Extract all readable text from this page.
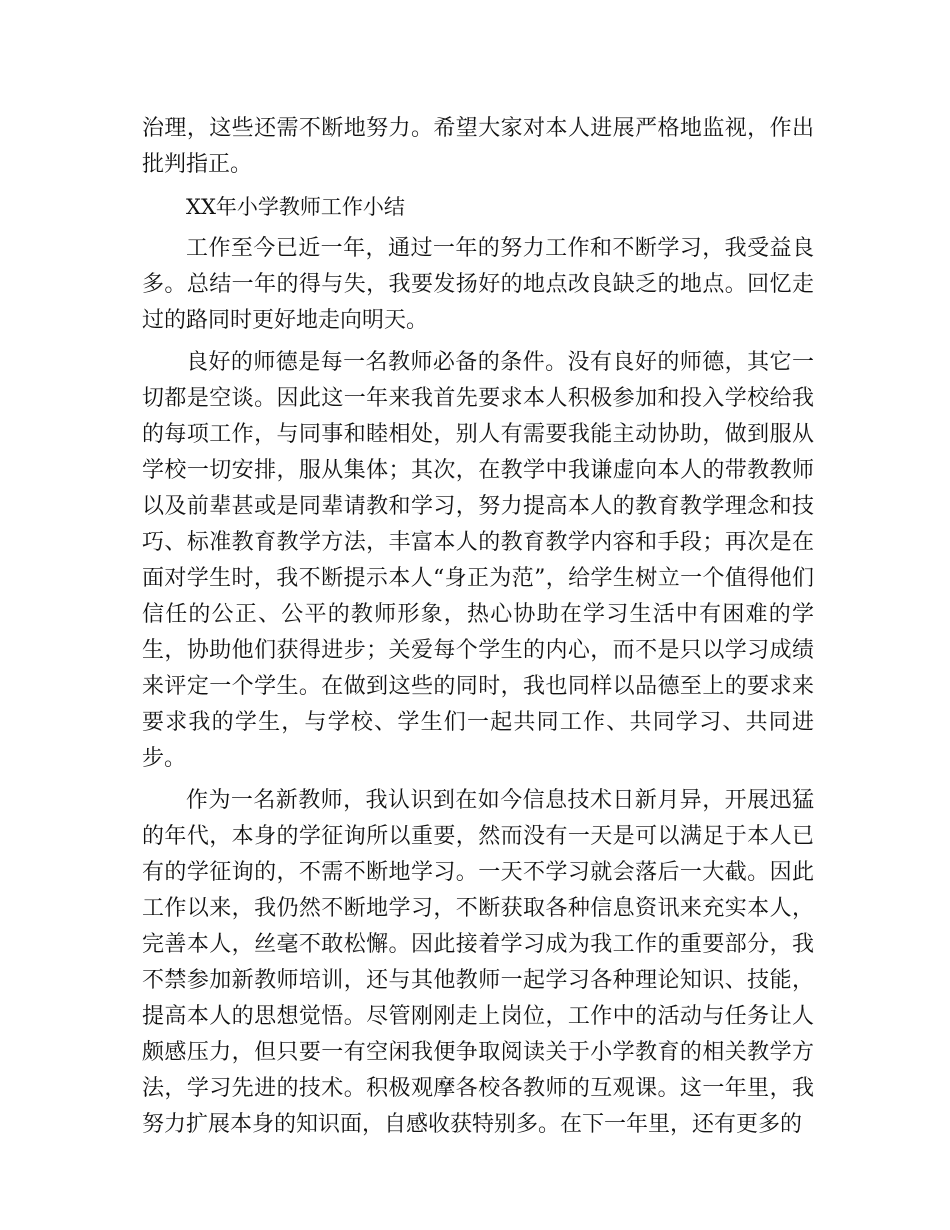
治理，这些还需不断地努力。希望大家对本人进展严格地监视，作出批判指正。

XX年小学教师工作小结

工作至今已近一年，通过一年的努力工作和不断学习，我受益良多。总结一年的得与失，我要发扬好的地点改良缺乏的地点。回忆走过的路同时更好地走向明天。

良好的师德是每一名教师必备的条件。没有良好的师德，其它一切都是空谈。因此这一年来我首先要求本人积极参加和投入学校给我的每项工作，与同事和睦相处，别人有需要我能主动协助，做到服从学校一切安排，服从集体；其次，在教学中我谦虚向本人的带教教师以及前辈甚或是同辈请教和学习，努力提高本人的教育教学理念和技巧、标准教育教学方法，丰富本人的教育教学内容和手段；再次是在面对学生时，我不断提示本人“身正为范”，给学生树立一个值得他们信任的公正、公平的教师形象，热心协助在学习生活中有困难的学生，协助他们获得进步；关爱每个学生的内心，而不是只以学习成绩来评定一个学生。在做到这些的同时，我也同样以品德至上的要求来要求我的学生，与学校、学生们一起共同工作、共同学习、共同进步。

作为一名新教师，我认识到在如今信息技术日新月异，开展迅猛的年代，本身的学征询所以重要，然而没有一天是可以满足于本人已有的学征询的，不需不断地学习。一天不学习就会落后一大截。因此工作以来，我仍然不断地学习，不断获取各种信息资讯来充实本人，完善本人，丝毫不敢松懈。因此接着学习成为我工作的重要部分，我不禁参加新教师培训，还与其他教师一起学习各种理论知识、技能，提高本人的思想觉悟。尽管刚刚走上岗位，工作中的活动与任务让人颇感压力，但只要一有空闲我便争取阅读关于小学教育的相关教学方法，学习先进的技术。积极观摩各校各教师的互观课。这一年里，我努力扩展本身的知识面，自感收获特别多。在下一年里，还有更多的
